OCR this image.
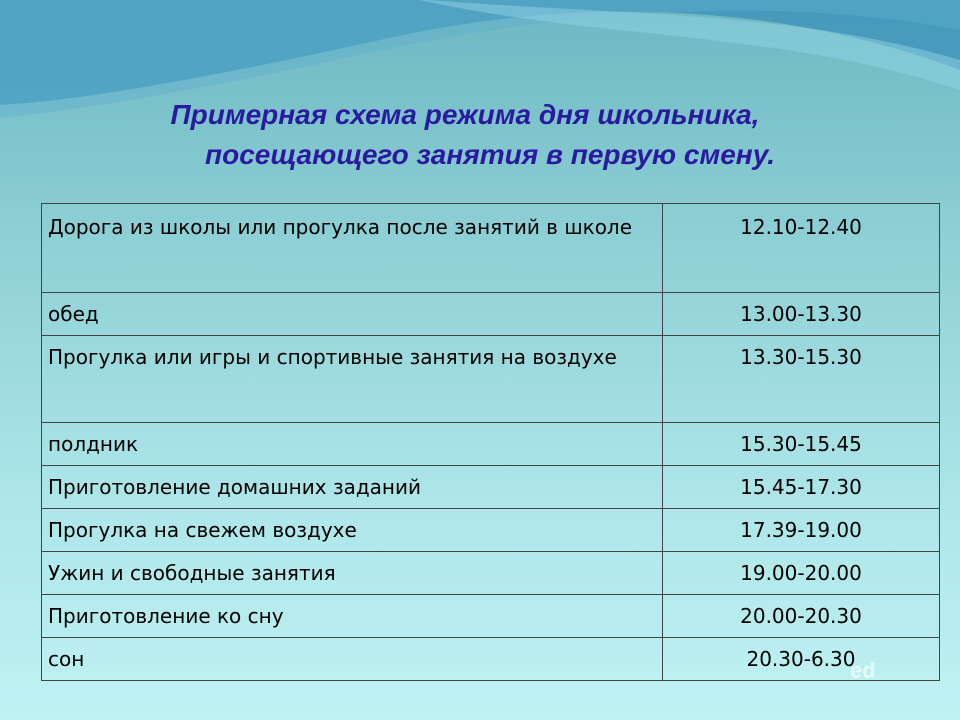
Примерная схема режима дня школьника,
посещающего занятия в первую смену.
Дорога из школы или прогулка после занятий в школе	12.10-12.40
обед	13.00-13.30
Прогулка или игры и спортивные занятия на воздухе	13.30-15.30
полдник	15.30-15.45
Приготовление домашних заданий	15.45-17.30
Прогулка на свежем воздухе	17.39-19.00
Ужин и свободные занятия	19.00-20.00
Приготовление ко сну	20.00-20.30
сон	20.30-6.30
ed
